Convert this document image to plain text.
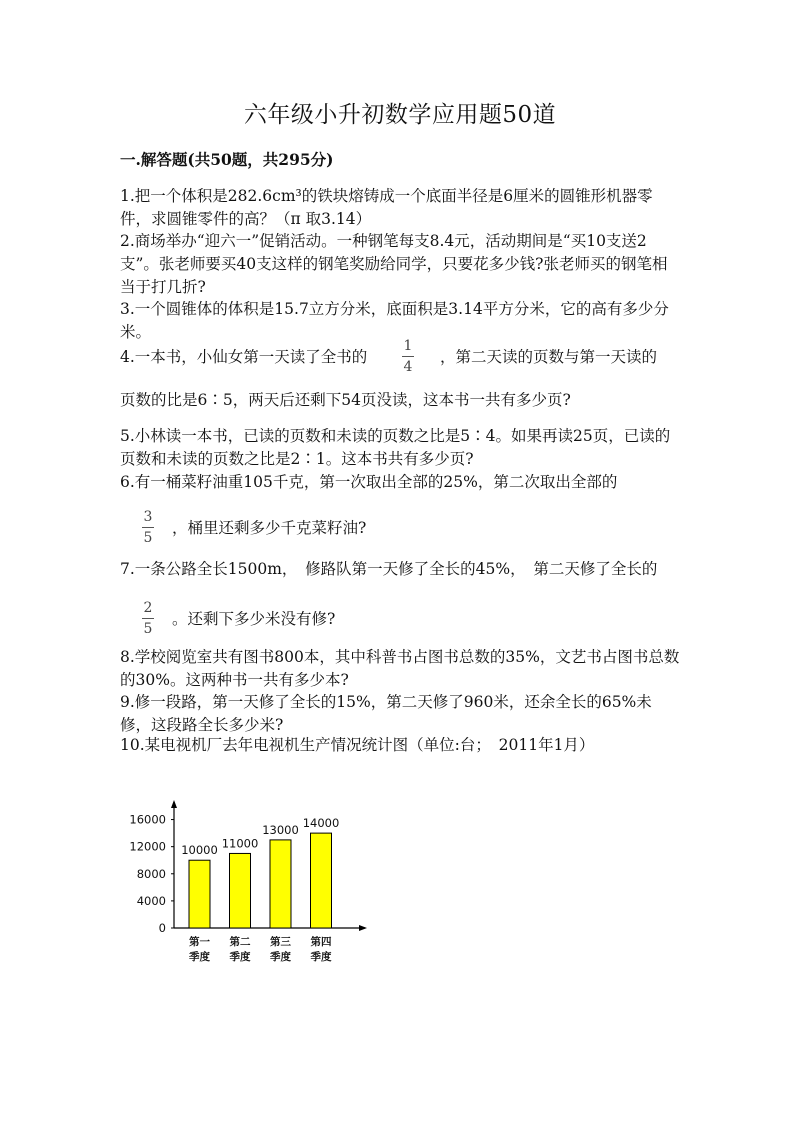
六年级小升初数学应用题50道
一.解答题(共50题，共295分)
1.把一个体积是282.6cm³的铁块熔铸成一个底面半径是6厘米的圆锥形机器零件，求圆锥零件的高？（π 取3.14）
2.商场举办“迎六一”促销活动。一种钢笔每支8.4元，活动期间是“买10支送2支”。张老师要买40支这样的钢笔奖励给同学，只要花多少钱?张老师买的钢笔相当于打几折?
3.一个圆锥体的体积是15.7立方分米，底面积是3.14平方分米，它的高有多少分米。
4.一本书，小仙女第一天读了全书的
1
4
，第二天读的页数与第一天读的
页数的比是6∶5，两天后还剩下54页没读，这本书一共有多少页?
5.小林读一本书，已读的页数和未读的页数之比是5∶4。如果再读25页，已读的页数和未读的页数之比是2∶1。这本书共有多少页?
6.有一桶菜籽油重105千克，第一次取出全部的25%，第二次取出全部的
3
5
，桶里还剩多少千克菜籽油?
7.一条公路全长1500m，　修路队第一天修了全长的45%，　第二天修了全长的
2
5
。还剩下多少米没有修?
8.学校阅览室共有图书800本，其中科普书占图书总数的35%，文艺书占图书总数的30%。这两种书一共有多少本?
9.修一段路，第一天修了全长的15%，第二天修了960米，还余全长的65%未修，这段路全长多少米?
10.某电视机厂去年电视机生产情况统计图（单位:台；　2011年1月）
0
4000
8000
12000
16000
10000
第一
季度
11000
第二
季度
13000
第三
季度
14000
第四
季度
